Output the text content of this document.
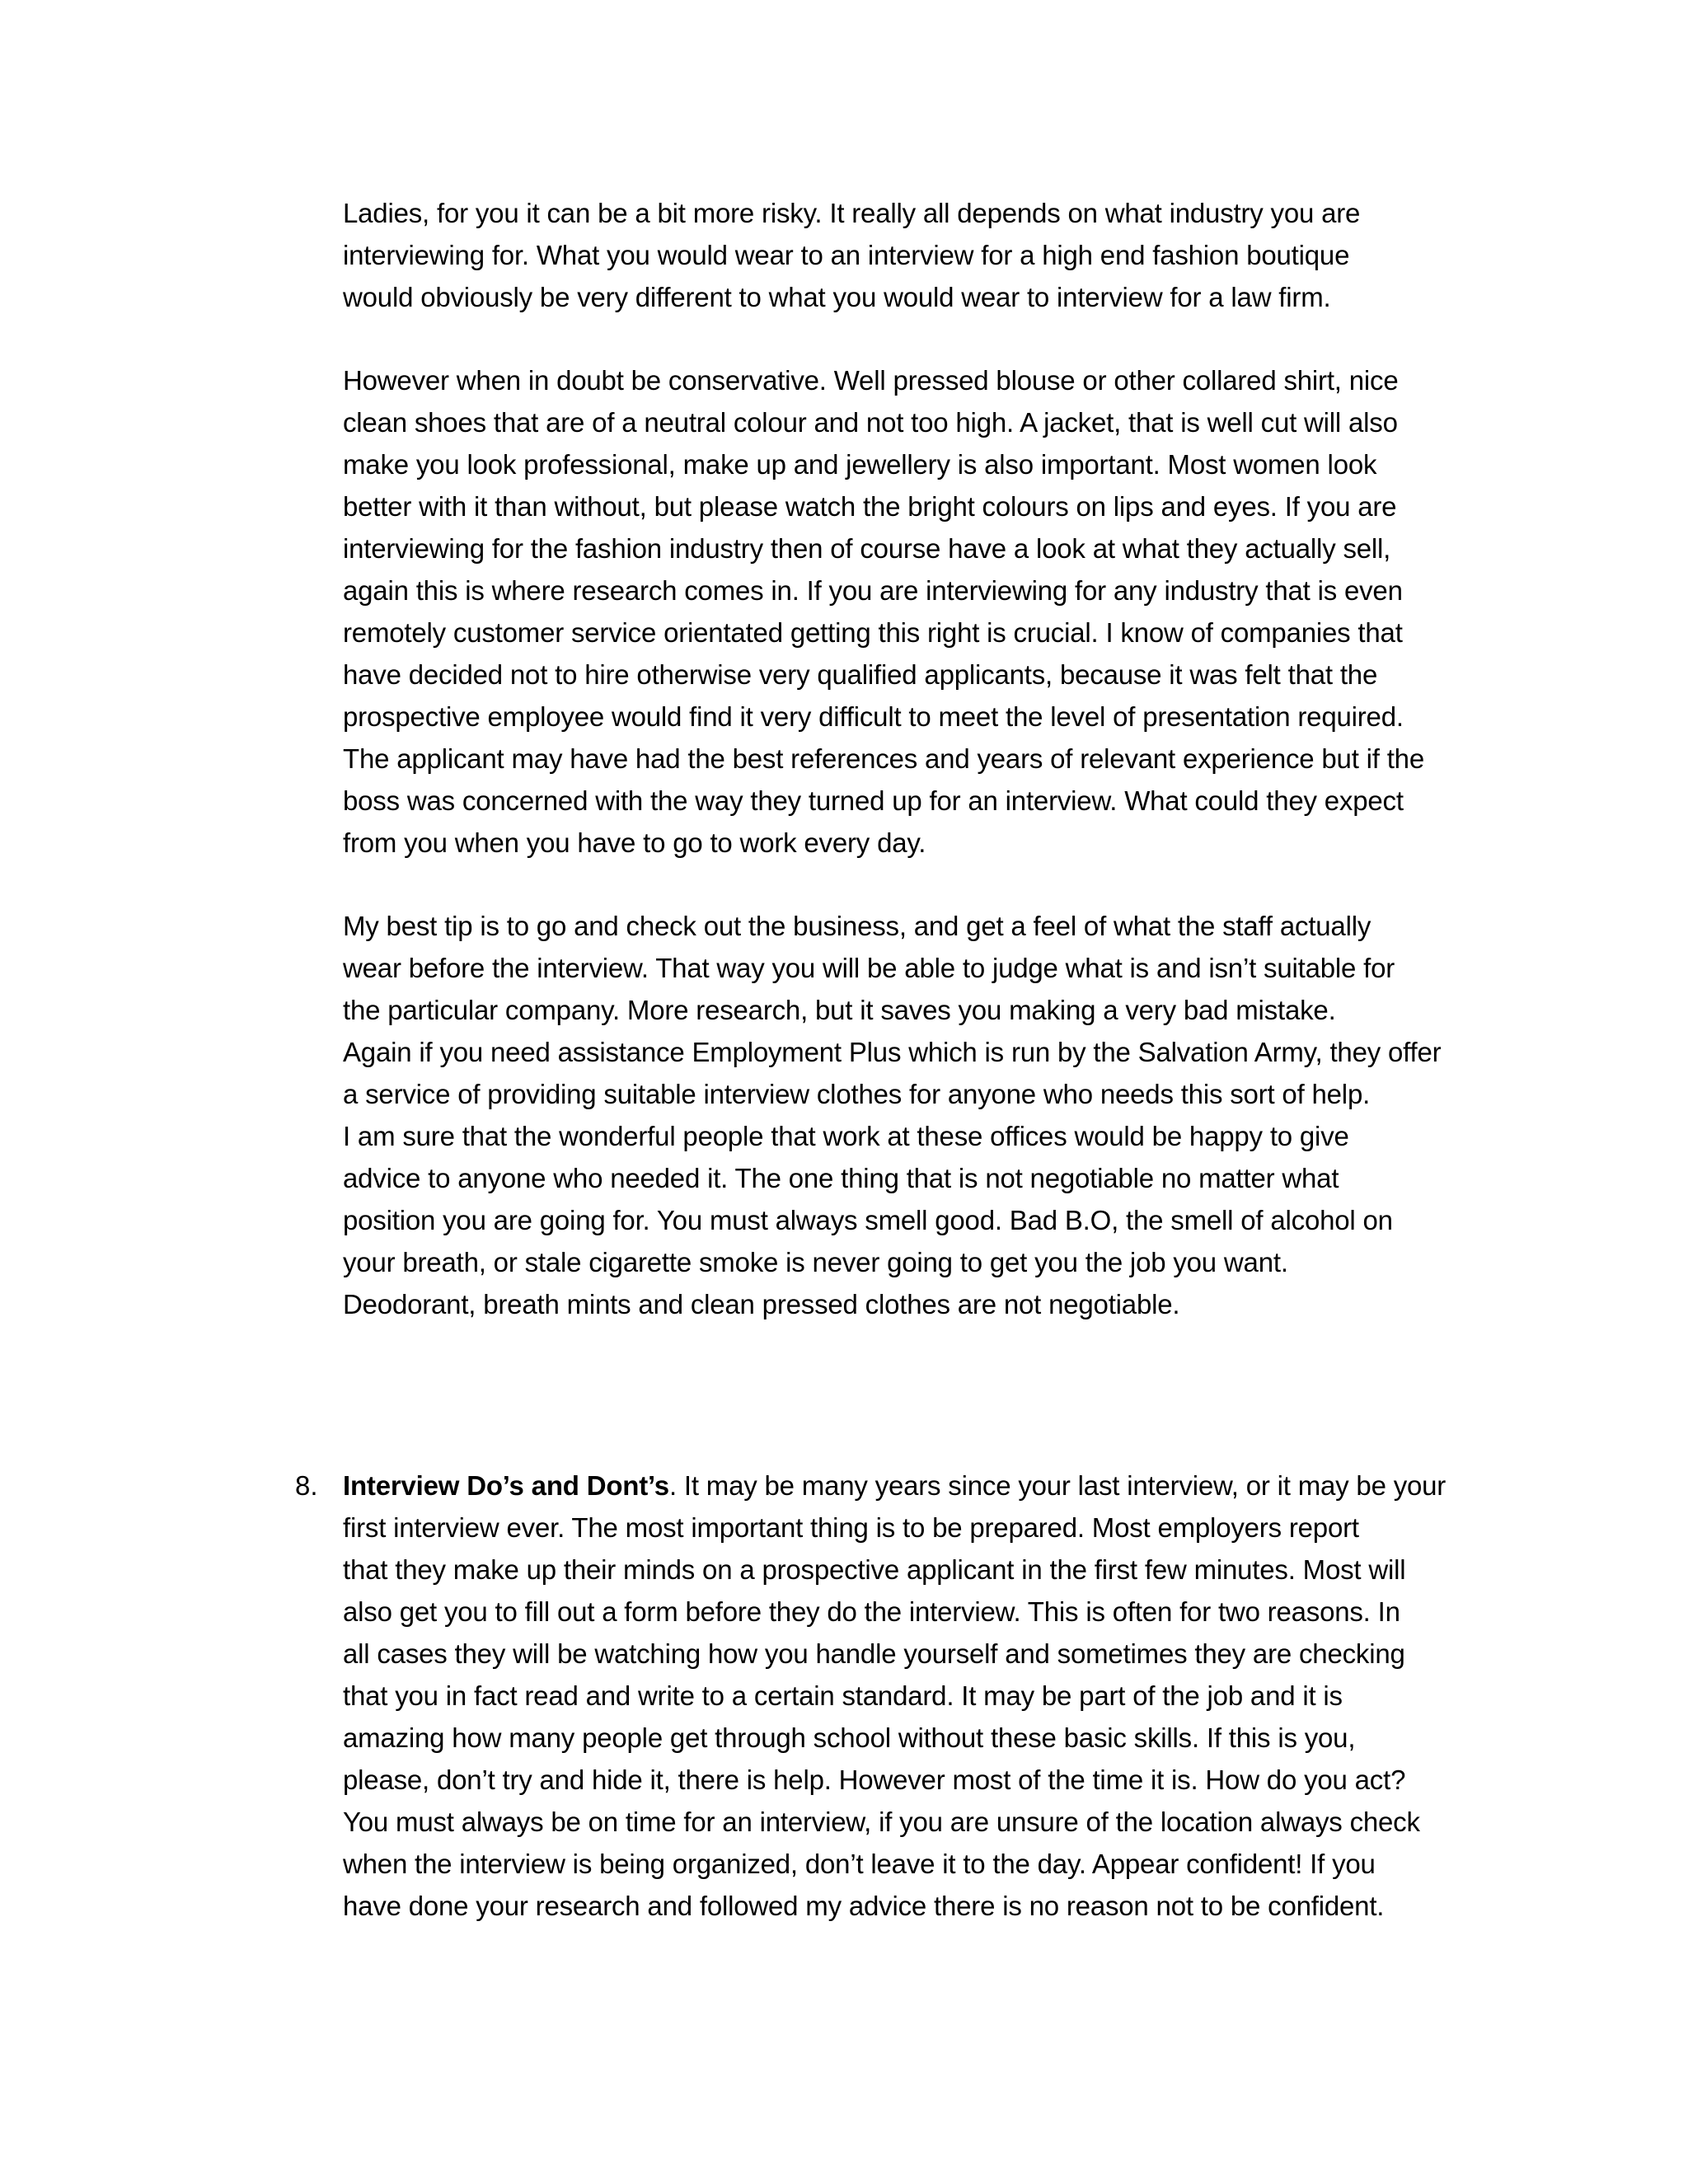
Ladies, for you it can be a bit more risky. It really all depends on what industry you are
interviewing for. What you would wear to an interview for a high end fashion boutique
would obviously be very different to what you would wear to interview for a law firm.
However when in doubt be conservative. Well pressed blouse or other collared shirt, nice
clean shoes that are of a neutral colour and not too high. A jacket, that is well cut will also
make you look professional, make up and jewellery is also important. Most women look
better with it than without, but please watch the bright colours on lips and eyes. If you are
interviewing for the fashion industry then of course have a look at what they actually sell,
again this is where research comes in. If you are interviewing for any industry that is even
remotely customer service orientated getting this right is crucial. I know of companies that
have decided not to hire otherwise very qualified applicants, because it was felt that the
prospective employee would find it very difficult to meet the level of presentation required.
The applicant may have had the best references and years of relevant experience but if the
boss was concerned with the way they turned up for an interview. What could they expect
from you when you have to go to work every day.
My best tip is to go and check out the business, and get a feel of what the staff actually
wear before the interview. That way you will be able to judge what is and isn’t suitable for
the particular company. More research, but it saves you making a very bad mistake.
Again if you need assistance Employment Plus which is run by the Salvation Army, they offer
a service of providing suitable interview clothes for anyone who needs this sort of help.
I am sure that the wonderful people that work at these offices would be happy to give
advice to anyone who needed it. The one thing that is not negotiable no matter what
position you are going for. You must always smell good. Bad B.O, the smell of alcohol on
your breath, or stale cigarette smoke is never going to get you the job you want.
Deodorant, breath mints and clean pressed clothes are not negotiable.
8. Interview Do’s and Dont’s. It may be many years since your last interview, or it may be your
first interview ever. The most important thing is to be prepared. Most employers report
that they make up their minds on a prospective applicant in the first few minutes. Most will
also get you to fill out a form before they do the interview. This is often for two reasons. In
all cases they will be watching how you handle yourself and sometimes they are checking
that you in fact read and write to a certain standard. It may be part of the job and it is
amazing how many people get through school without these basic skills. If this is you,
please, don’t try and hide it, there is help. However most of the time it is. How do you act?
You must always be on time for an interview, if you are unsure of the location always check
when the interview is being organized, don’t leave it to the day. Appear confident! If you
have done your research and followed my advice there is no reason not to be confident.
